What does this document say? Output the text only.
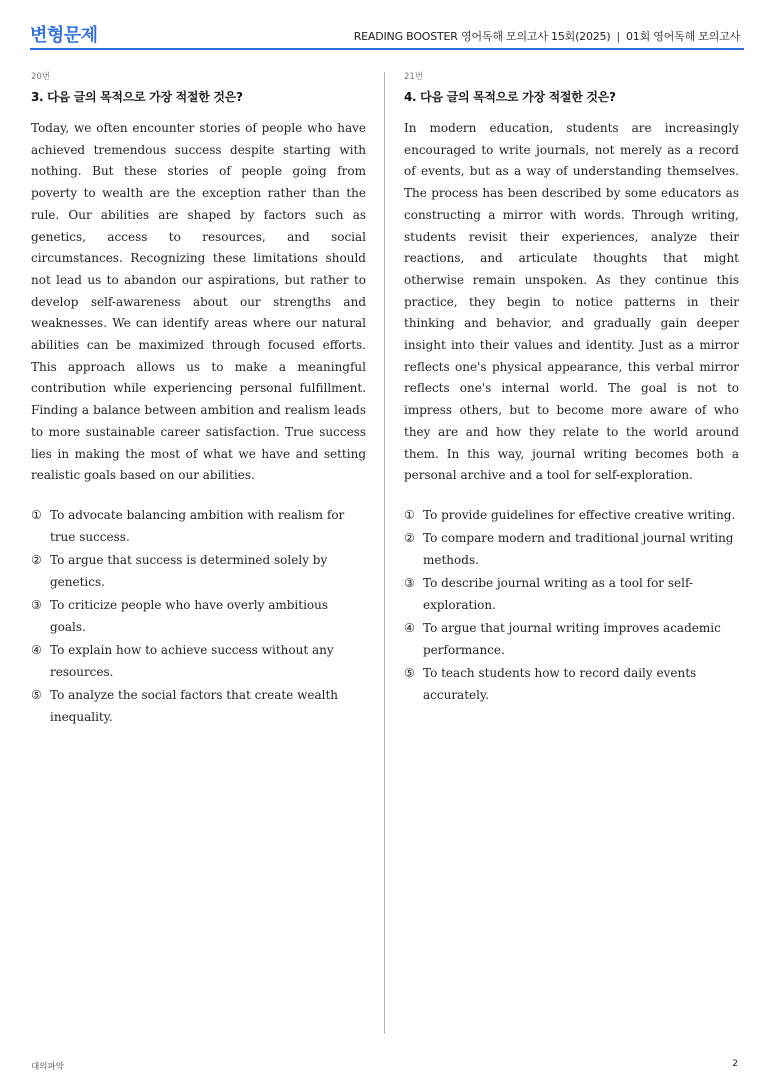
변형문제	READING BOOSTER 영어독해 모의고사 15회(2025) | 01회 영어독해 모의고사
20번
3. 다음 글의 목적으로 가장 적절한 것은?
Today, we often encounter stories of people who have achieved tremendous success despite starting with nothing. But these stories of people going from poverty to wealth are the exception rather than the rule. Our abilities are shaped by factors such as genetics, access to resources, and social circumstances. Recognizing these limitations should not lead us to abandon our aspirations, but rather to develop self-awareness about our strengths and weaknesses. We can identify areas where our natural abilities can be maximized through focused efforts. This approach allows us to make a meaningful contribution while experiencing personal fulfillment. Finding a balance between ambition and realism leads to more sustainable career satisfaction. True success lies in making the most of what we have and setting realistic goals based on our abilities.
① To advocate balancing ambition with realism for true success.
② To argue that success is determined solely by genetics.
③ To criticize people who have overly ambitious goals.
④ To explain how to achieve success without any resources.
⑤ To analyze the social factors that create wealth inequality.
21번
4. 다음 글의 목적으로 가장 적절한 것은?
In modern education, students are increasingly encouraged to write journals, not merely as a record of events, but as a way of understanding themselves. The process has been described by some educators as constructing a mirror with words. Through writing, students revisit their experiences, analyze their reactions, and articulate thoughts that might otherwise remain unspoken. As they continue this practice, they begin to notice patterns in their thinking and behavior, and gradually gain deeper insight into their values and identity. Just as a mirror reflects one's physical appearance, this verbal mirror reflects one's internal world. The goal is not to impress others, but to become more aware of who they are and how they relate to the world around them. In this way, journal writing becomes both a personal archive and a tool for self-exploration.
① To provide guidelines for effective creative writing.
② To compare modern and traditional journal writing methods.
③ To describe journal writing as a tool for self-exploration.
④ To argue that journal writing improves academic performance.
⑤ To teach students how to record daily events accurately.
대의파악	2
